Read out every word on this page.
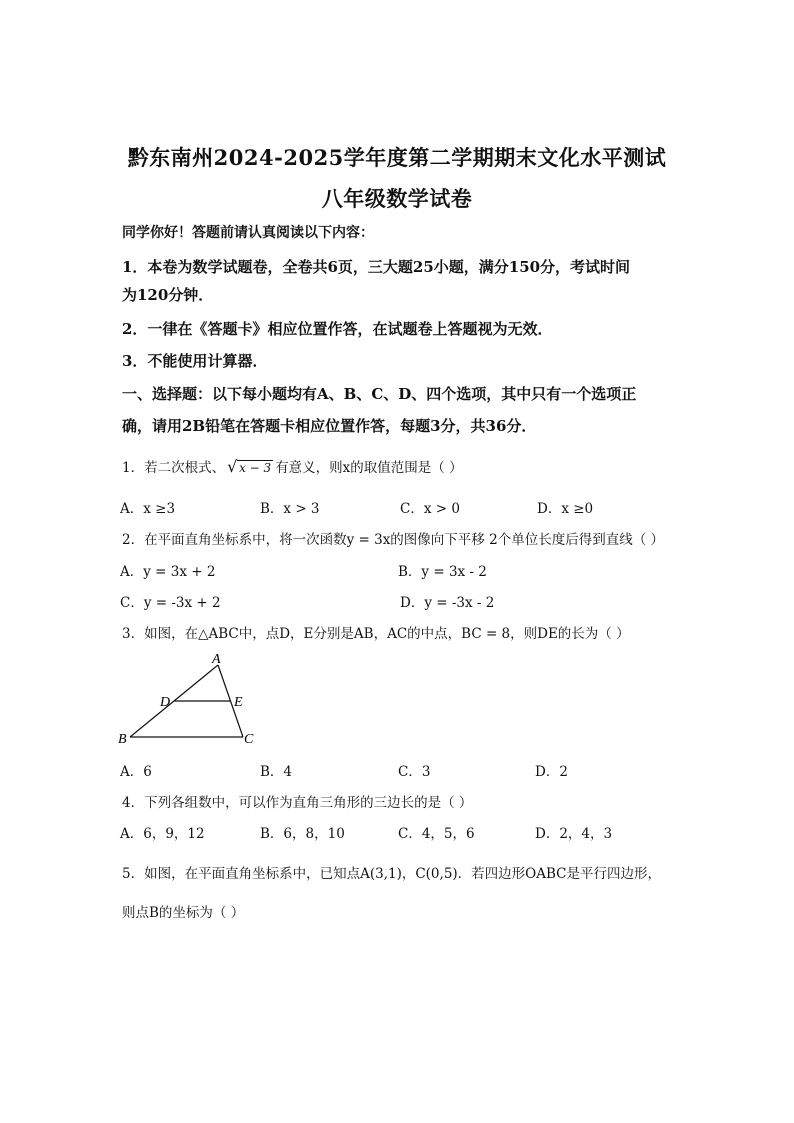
黔东南州2024-2025学年度第二学期期末文化水平测试
八年级数学试卷
同学你好！答题前请认真阅读以下内容：
1．本卷为数学试题卷，全卷共6页，三大题25小题，满分150分，考试时间
为120分钟．
2．一律在《答题卡》相应位置作答，在试题卷上答题视为无效．
3．不能使用计算器．
一、选择题：以下每小题均有A、B、C、D、四个选项，其中只有一个选项正
确，请用2B铅笔在答题卡相应位置作答，每题3分，共36分．
1．若二次根式、 √ x − 3 有意义，则x的取值范围是（ ）
A．x ≥3	B．x > 3	C．x > 0	D．x ≥0
2．在平面直角坐标系中，将一次函数y = 3x的图像向下平移 2个单位长度后得到直线（ ）
A．y = 3x + 2	B．y = 3x - 2
C．y = -3x + 2	D．y = -3x - 2
3．如图，在△ABC中，点D，E分别是AB，AC的中点，BC = 8，则DE的长为（ ）
A
D	E
B	C
A．6	B．4	C．3	D．2
4．下列各组数中，可以作为直角三角形的三边长的是（ ）
A．6，9，12	B．6，8，10	C．4，5，6	D．2，4，3
5．如图，在平面直角坐标系中，已知点A(3,1)，C(0,5)．若四边形OABC是平行四边形，
则点B的坐标为（ ）
